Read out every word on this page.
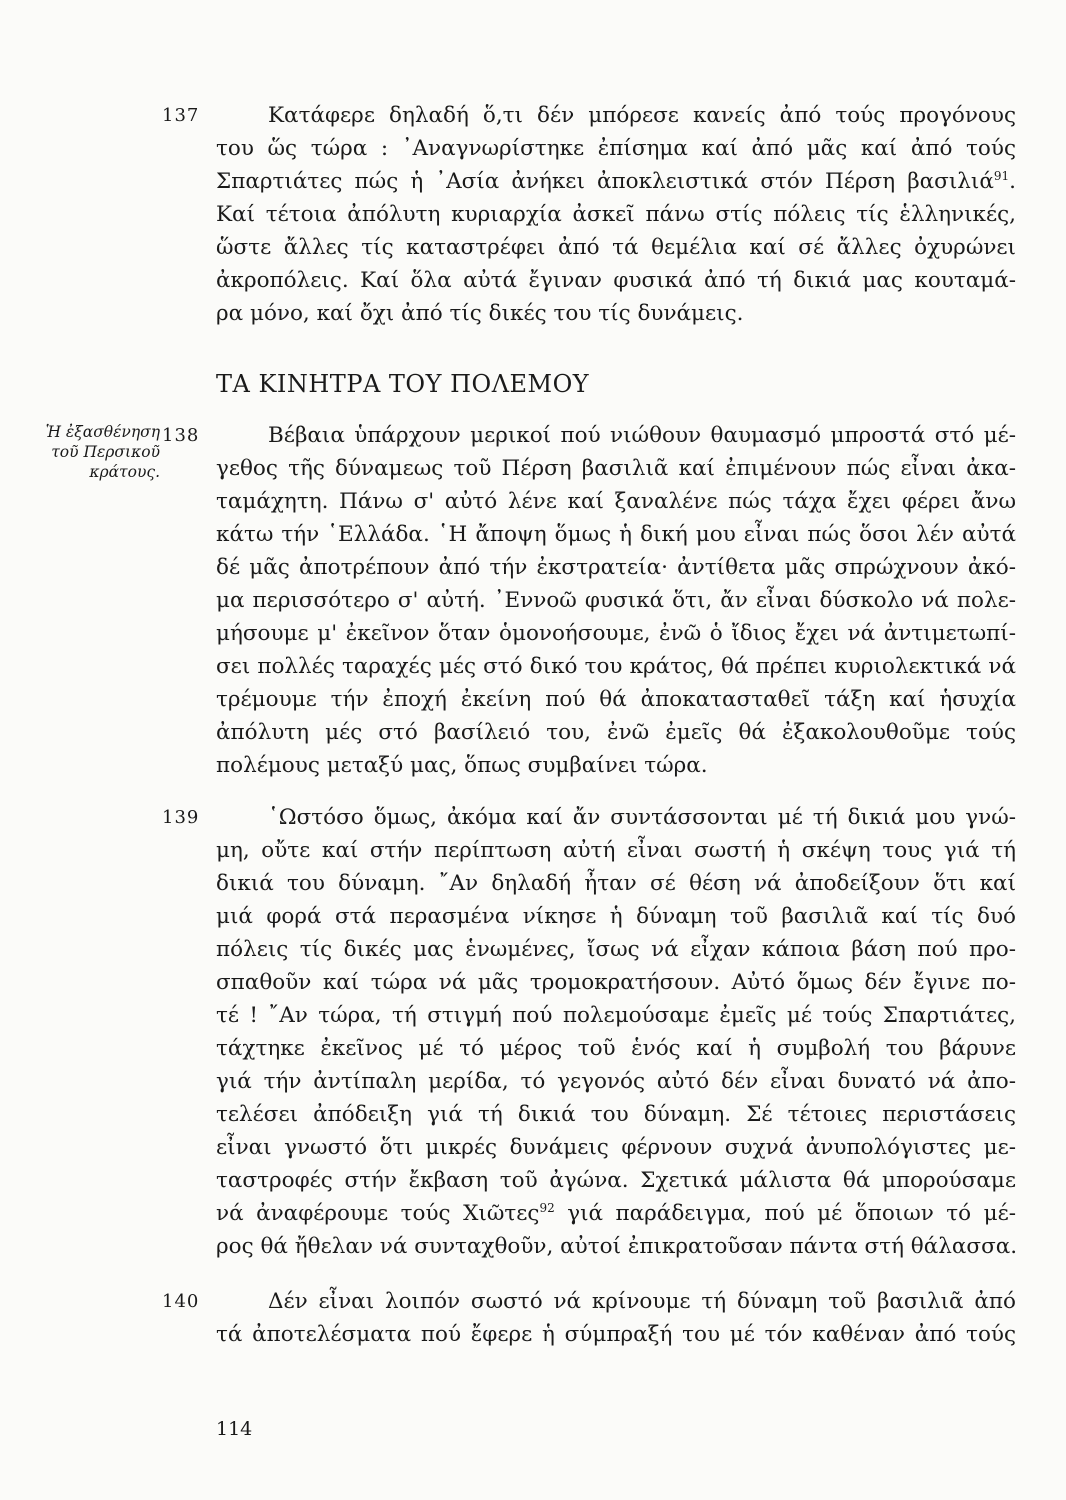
137	Κατάφερε δηλαδή ὅ,τι δέν μπόρεσε κανείς ἀπό τούς προγόνους
του ὥς τώρα : ᾿Αναγνωρίστηκε ἐπίσημα καί ἀπό μᾶς καί ἀπό τούς
Σπαρτιάτες πώς ἡ ᾿Ασία ἀνήκει ἀποκλειστικά στόν Πέρση βασιλιά$^{91}$.
Καί τέτοια ἀπόλυτη κυριαρχία ἀσκεῖ πάνω στίς πόλεις τίς ἑλληνικές,
ὥστε ἄλλες τίς καταστρέφει ἀπό τά θεμέλια καί σέ ἄλλες ὀχυρώνει
ἀκροπόλεις. Καί ὅλα αὐτά ἔγιναν φυσικά ἀπό τή δικιά μας κουταμά-
ρα μόνο, καί ὄχι ἀπό τίς δικές του τίς δυνάμεις.
ΤΑ ΚΙΝΗΤΡΑ ΤΟΥ ΠΟΛΕΜΟΥ
Ἡ ἐξασθένηση
τοῦ Περσικοῦ
κράτους.
138	Βέβαια ὑπάρχουν μερικοί πού νιώθουν θαυμασμό μπροστά στό μέ-
γεθος τῆς δύναμεως τοῦ Πέρση βασιλιᾶ καί ἐπιμένουν πώς εἶναι ἀκα-
ταμάχητη. Πάνω σ' αὐτό λένε καί ξαναλένε πώς τάχα ἔχει φέρει ἄνω
κάτω τήν ῾Ελλάδα. ῾Η ἄποψη ὅμως ἡ δική μου εἶναι πώς ὅσοι λέν αὐτά
δέ μᾶς ἀποτρέπουν ἀπό τήν ἐκστρατεία· ἀντίθετα μᾶς σπρώχνουν ἀκό-
μα περισσότερο σ' αὐτή. ᾿Εννοῶ φυσικά ὅτι, ἄν εἶναι δύσκολο νά πολε-
μήσουμε μ' ἐκεῖνον ὅταν ὁμονοήσουμε, ἐνῶ ὁ ἴδιος ἔχει νά ἀντιμετωπί-
σει πολλές ταραχές μές στό δικό του κράτος, θά πρέπει κυριολεκτικά νά
τρέμουμε τήν ἐποχή ἐκείνη πού θά ἀποκατασταθεῖ τάξη καί ἡσυχία
ἀπόλυτη μές στό βασίλειό του, ἐνῶ ἐμεῖς θά ἐξακολουθοῦμε τούς
πολέμους μεταξύ μας, ὅπως συμβαίνει τώρα.
139	῾Ωστόσο ὅμως, ἀκόμα καί ἄν συντάσσονται μέ τή δικιά μου γνώ-
μη, οὔτε καί στήν περίπτωση αὐτή εἶναι σωστή ἡ σκέψη τους γιά τή
δικιά του δύναμη. ῎Αν δηλαδή ἦταν σέ θέση νά ἀποδείξουν ὅτι καί
μιά φορά στά περασμένα νίκησε ἡ δύναμη τοῦ βασιλιᾶ καί τίς δυό
πόλεις τίς δικές μας ἑνωμένες, ἴσως νά εἶχαν κάποια βάση πού προ-
σπαθοῦν καί τώρα νά μᾶς τρομοκρατήσουν. Αὐτό ὅμως δέν ἔγινε πο-
τέ ! ῎Αν τώρα, τή στιγμή πού πολεμούσαμε ἐμεῖς μέ τούς Σπαρτιάτες,
τάχτηκε ἐκεῖνος μέ τό μέρος τοῦ ἑνός καί ἡ συμβολή του βάρυνε
γιά τήν ἀντίπαλη μερίδα, τό γεγονός αὐτό δέν εἶναι δυνατό νά ἀπο-
τελέσει ἀπόδειξη γιά τή δικιά του δύναμη. Σέ τέτοιες περιστάσεις
εἶναι γνωστό ὅτι μικρές δυνάμεις φέρνουν συχνά ἀνυπολόγιστες με-
ταστροφές στήν ἔκβαση τοῦ ἀγώνα. Σχετικά μάλιστα θά μπορούσαμε
νά ἀναφέρουμε τούς Χιῶτες$^{92}$ γιά παράδειγμα, πού μέ ὅποιων τό μέ-
ρος θά ἤθελαν νά συνταχθοῦν, αὐτοί ἐπικρατοῦσαν πάντα στή θάλασσα.
140	Δέν εἶναι λοιπόν σωστό νά κρίνουμε τή δύναμη τοῦ βασιλιᾶ ἀπό
τά ἀποτελέσματα πού ἔφερε ἡ σύμπραξή του μέ τόν καθέναν ἀπό τούς
114
